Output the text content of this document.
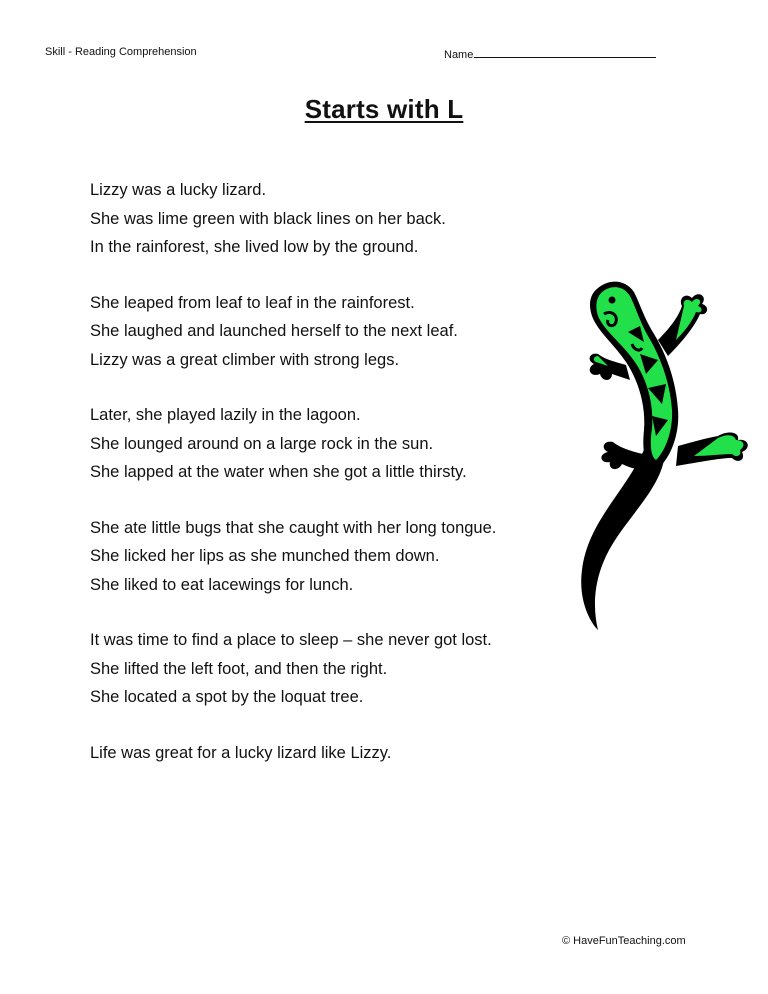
Skill - Reading Comprehension	Name
Starts with L
Lizzy was a lucky lizard.
She was lime green with black lines on her back.
In the rainforest, she lived low by the ground.
She leaped from leaf to leaf in the rainforest.
She laughed and launched herself to the next leaf.
Lizzy was a great climber with strong legs.
Later, she played lazily in the lagoon.
She lounged around on a large rock in the sun.
She lapped at the water when she got a little thirsty.
She ate little bugs that she caught with her long tongue.
She licked her lips as she munched them down.
She liked to eat lacewings for lunch.
It was time to find a place to sleep – she never got lost.
She lifted the left foot, and then the right.
She located a spot by the loquat tree.
Life was great for a lucky lizard like Lizzy.
© HaveFunTeaching.com
